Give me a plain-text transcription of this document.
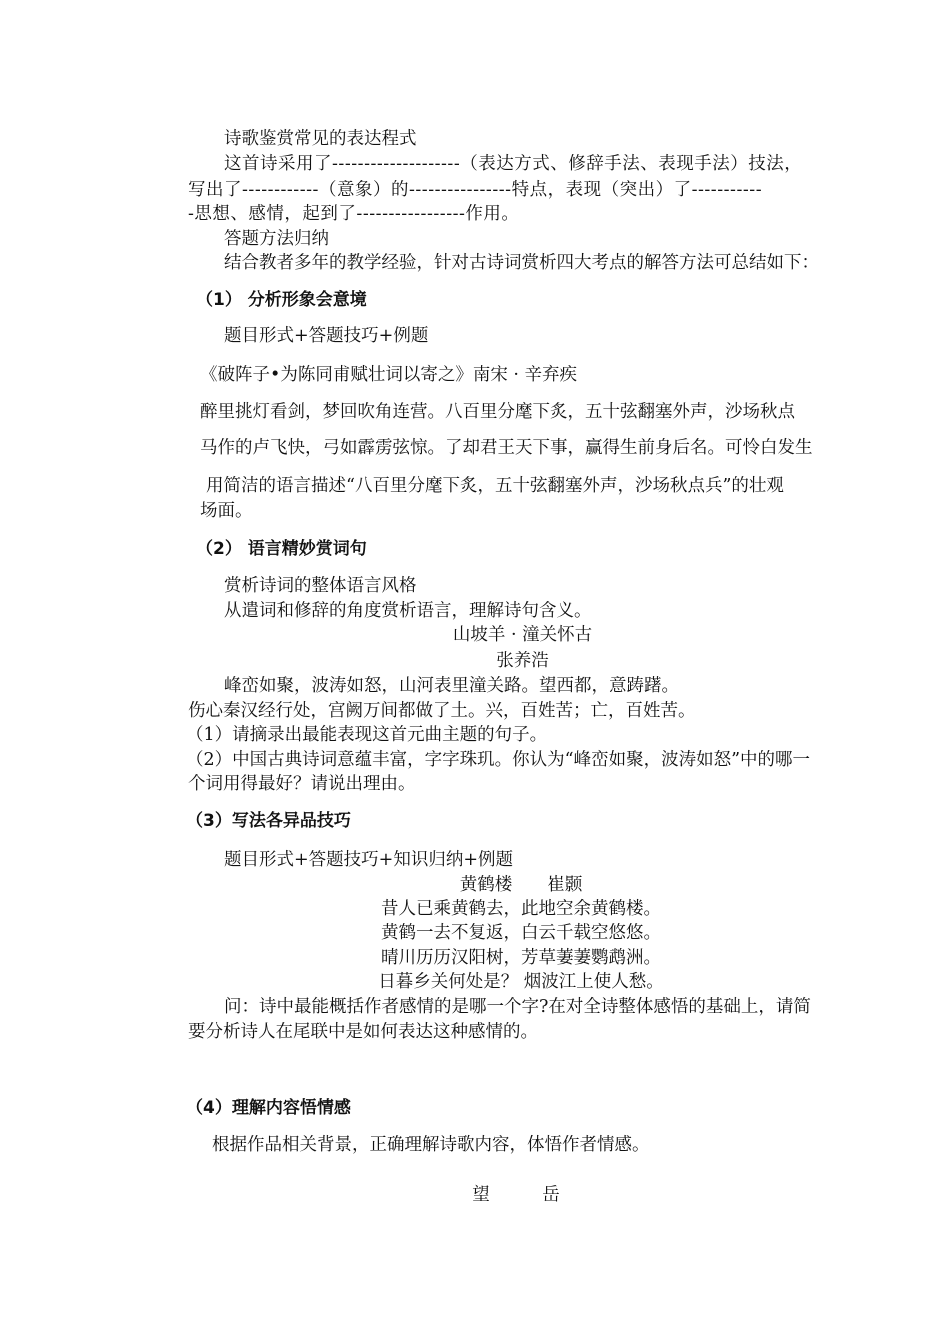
诗歌鉴赏常见的表达程式
这首诗采用了--------------------（表达方式、修辞手法、表现手法）技法，
写出了------------（意象）的----------------特点，表现（突出）了-----------
-思想、感情，起到了-----------------作用。
答题方法归纳
结合教者多年的教学经验，针对古诗词赏析四大考点的解答方法可总结如下：
（1） 分析形象会意境
题目形式+答题技巧+例题
《破阵子•为陈同甫赋壮词以寄之》南宋 · 辛弃疾
醉里挑灯看剑，梦回吹角连营。八百里分麾下炙，五十弦翻塞外声，沙场秋点
马作的卢飞快，弓如霹雳弦惊。了却君王天下事，赢得生前身后名。可怜白发生
用简洁的语言描述“八百里分麾下炙，五十弦翻塞外声，沙场秋点兵”的壮观
场面。
（2） 语言精妙赏词句
赏析诗词的整体语言风格
从遣词和修辞的角度赏析语言，理解诗句含义。
山坡羊 · 潼关怀古
张养浩
峰峦如聚，波涛如怒，山河表里潼关路。望西都，意踌躇。
伤心秦汉经行处，宫阙万间都做了土。兴，百姓苦；亡，百姓苦。
（1）请摘录出最能表现这首元曲主题的句子。
（2）中国古典诗词意蕴丰富，字字珠玑。你认为“峰峦如聚，波涛如怒”中的哪一
个词用得最好？请说出理由。
（3）写法各异品技巧
题目形式+答题技巧+知识归纳+例题
黄鹤楼　　崔颢
昔人已乘黄鹤去，此地空余黄鹤楼。
黄鹤一去不复返，白云千载空悠悠。
晴川历历汉阳树，芳草萋萋鹦鹉洲。
日暮乡关何处是？ 烟波江上使人愁。
问：诗中最能概括作者感情的是哪一个字?在对全诗整体感悟的基础上，请简
要分析诗人在尾联中是如何表达这种感情的。
（4）理解内容悟情感
根据作品相关背景，正确理解诗歌内容，体悟作者情感。
望　　　岳
